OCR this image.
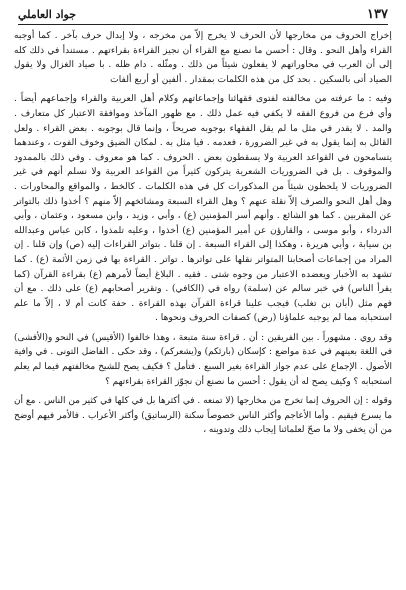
١٣٧
جواد العاملي

إخراج الحروف من مخارجها لأن الحرف لا يخرج إلاّ من مخرجه ، ولا إبدال حرف بآخر . كما أوجبه القراء وأهل النحو . وقال : أحسن ما نصنع مع القراء أن نجيز القراءة بقراءتهم . مستندأ في ذلك كله إلى أن العرب في محاوراتهم لا يفعلون شيئاً من ذلك . ومثّله . دام ظله . با صياد الغزال ولا يقول الصياد أتى بالسكين . بحد كل من هذه الكلمات بمقدار . ألفين أو أربع ألفات

وفيه : ما عرفته من مخالفته لفتوى فقهائنا وإجماعاتهم وكلام أهل العربية والقراء وإجماعهم أيضاً . وأي فرع من فروع الفقه لا يكفي فيه عمل ذلك . مع ظهور المآخذ وموافقة الاعتبار كل متعارف . والمد . لا يقدر في مثل ما لم يقل الفقهاء بوجوبه صريحاً ، وإنما قال بوجوبه . بعض القراء . ولعل القائل به إنما يقول به في غير الضرورة ، فعدمه . فيا مثل به . لمكان الضيق وخوف الفوت ، وعندهما يتسامحون في القواعد العربية ولا يسقطون بعض . الحروف . كما هو معروف . وفي ذلك بالممدود والموقوف . بل في الضروريات الشعرية يتركون كثيراً من القواعد العربية ولا نسلم أنهم في غير الضروريات لا يلحظون شيئاً من المذكورات كل في هذه الكلمات . كالخط ، والمواقع والمحاورات . وهل أهل النحو والصرف إلاّ نقلة عنهم ؟ وهل القراء السبعة ومشائخهم إلاّ منهم ؟ أخذوا ذلك بالتواتر عن المقربين . كما هو الشائع . وأنهم أسر المؤمنين (ع) ، وأبي ، وزيد ، وابن مسعود ، وعثمان ، وأبي الدرداء ، وأبو موسى ، والقارؤن عن أمير المؤمنين (ع) أخذوا ، وعليه تلمذوا ، كابن عباس وعبدالله بن سيابة ، وأبي هريرة ، وهكذا إلى القراء السبعة . إن قلنا . بتواتر القراءات إليه (ص) وإن قلنا . إن المراد من إجماعات أصحابنا المتواتر نقلها على تواترها . تواتر . القراءة بها في زمن الأئمة (ع) . كما تشهد به الأخبار ويعضده الاعتبار من وجوه شتى . فقيه . البلاغ أيضاً لأمرهم (ع) بقراءة القرآن (كما يقرأ الناس) في خبر سالم عن (سلمة) رواه في (الكافي) . وتقرير أصحابهم (ع) على ذلك . مع أن فهم مثل (أبان بن تغلب) فيجب علينا قراءة القرآن بهذه القراءة . حفة كانت أم لا ، إلاّ ما علم استحبابه مما لم يوجبه علماؤنا (رض) كصفات الحروف ونحوها .

وقد روي . مشهوراً . بين الفريقين : أن . قراءة سنة متبعة ، وهذا خالفوا (الأقيس) في النحو و(الأفشى) في اللغة بعينهم في عدة مواضع : كإسكان (بارئكم) و(يشعركم) ، وقد حكى . الفاضل التونى . في وافية الأصول . الإجماع على عدم جواز القراءة بغير السبع . فتأمل ؟ فكيف يصح للشيخ مخالفتهم فيما لم يعلم استحبابه ؟ وكيف يصح له أن يقول : أحسن ما نصنع أن نجوّز القراءة بقراءتهم ؟

وقوله : إن الحروف إنما تخرج من مخارجها (لا تمنعه . في أكثرها بل في كلها في كثير من الناس . مع أن ما يسرع فيقيم . وأما الأعاجم وأكثر الناس خصوصاً سكنة (الرساتيق) وأكثر الأعراب . فالأمر فيهم أوضح من أن يخفى ولا ما صحّ لعلمائنا إيجاب ذلك وتدوينه ،
